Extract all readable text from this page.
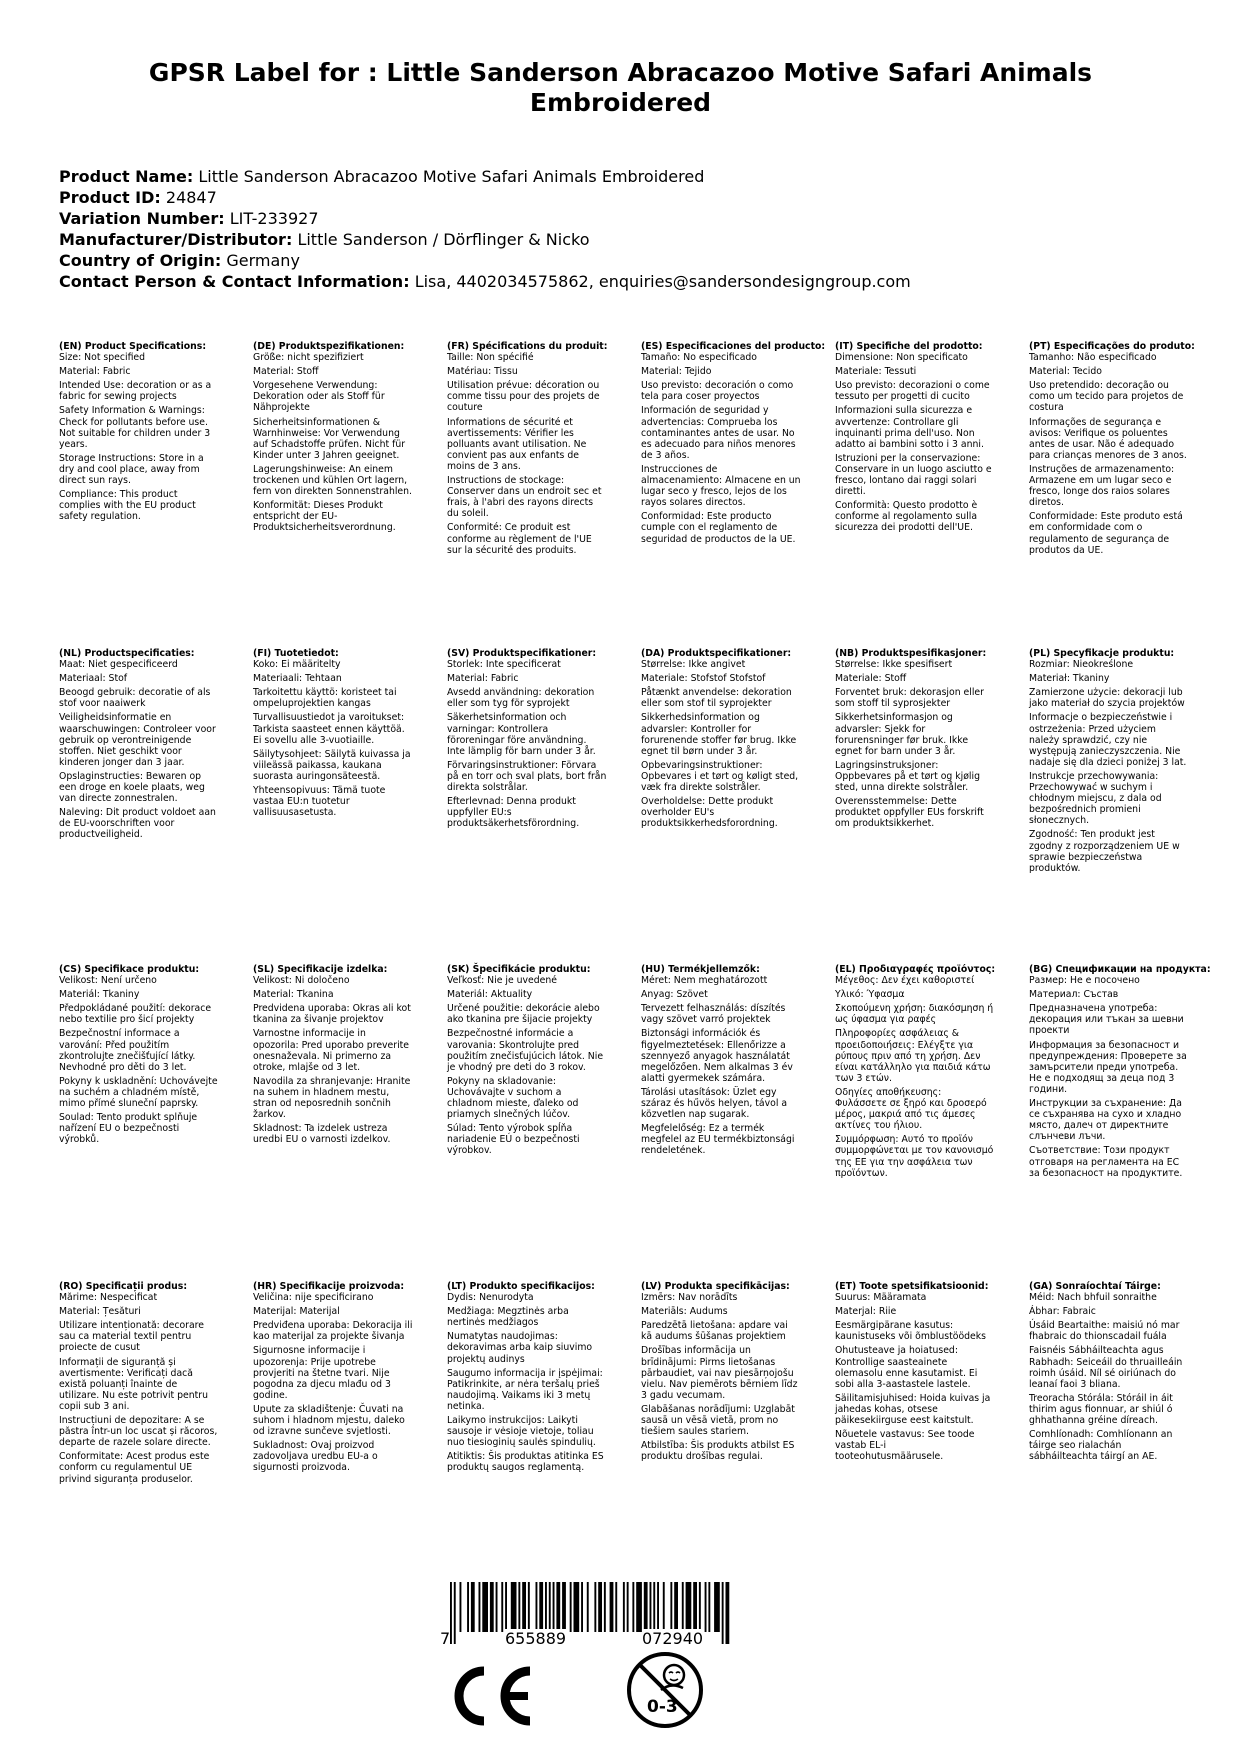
GPSR Label for : Little Sanderson Abracazoo Motive Safari Animals Embroidered
Product Name: Little Sanderson Abracazoo Motive Safari Animals Embroidered
Product ID: 24847
Variation Number: LIT-233927
Manufacturer/Distributor: Little Sanderson / Dörflinger & Nicko
Country of Origin: Germany
Contact Person & Contact Information: Lisa, 4402034575862, enquiries@sandersondesigngroup.com
(EN) Product Specifications:
Size: Not specified
Material: Fabric
Intended Use: decoration or as a fabric for sewing projects
Safety Information & Warnings: Check for pollutants before use. Not suitable for children under 3 years.
Storage Instructions: Store in a dry and cool place, away from direct sun rays.
Compliance: This product complies with the EU product safety regulation.
(DE) Produktspezifikationen:
Größe: nicht spezifiziert
Material: Stoff
Vorgesehene Verwendung: Dekoration oder als Stoff für Nähprojekte
Sicherheitsinformationen & Warnhinweise: Vor Verwendung auf Schadstoffe prüfen. Nicht für Kinder unter 3 Jahren geeignet.
Lagerungshinweise: An einem trockenen und kühlen Ort lagern, fern von direkten Sonnenstrahlen.
Konformität: Dieses Produkt entspricht der EU-Produktsicherheitsverordnung.
(FR) Spécifications du produit:
Taille: Non spécifié
Matériau: Tissu
Utilisation prévue: décoration ou comme tissu pour des projets de couture
Informations de sécurité et avertissements: Vérifier les polluants avant utilisation. Ne convient pas aux enfants de moins de 3 ans.
Instructions de stockage: Conserver dans un endroit sec et frais, à l'abri des rayons directs du soleil.
Conformité: Ce produit est conforme au règlement de l'UE sur la sécurité des produits.
(ES) Especificaciones del producto:
Tamaño: No especificado
Material: Tejido
Uso previsto: decoración o como tela para coser proyectos
Información de seguridad y advertencias: Comprueba los contaminantes antes de usar. No es adecuado para niños menores de 3 años.
Instrucciones de almacenamiento: Almacene en un lugar seco y fresco, lejos de los rayos solares directos.
Conformidad: Este producto cumple con el reglamento de seguridad de productos de la UE.
(IT) Specifiche del prodotto:
Dimensione: Non specificato
Materiale: Tessuti
Uso previsto: decorazioni o come tessuto per progetti di cucito
Informazioni sulla sicurezza e avvertenze: Controllare gli inquinanti prima dell'uso. Non adatto ai bambini sotto i 3 anni.
Istruzioni per la conservazione: Conservare in un luogo asciutto e fresco, lontano dai raggi solari diretti.
Conformità: Questo prodotto è conforme al regolamento sulla sicurezza dei prodotti dell'UE.
(PT) Especificações do produto:
Tamanho: Não especificado
Material: Tecido
Uso pretendido: decoração ou como um tecido para projetos de costura
Informações de segurança e avisos: Verifique os poluentes antes de usar. Não é adequado para crianças menores de 3 anos.
Instruções de armazenamento: Armazene em um lugar seco e fresco, longe dos raios solares diretos.
Conformidade: Este produto está em conformidade com o regulamento de segurança de produtos da UE.
(NL) Productspecificaties:
Maat: Niet gespecificeerd
Materiaal: Stof
Beoogd gebruik: decoratie of als stof voor naaiwerk
Veiligheidsinformatie en waarschuwingen: Controleer voor gebruik op verontreinigende stoffen. Niet geschikt voor kinderen jonger dan 3 jaar.
Opslaginstructies: Bewaren op een droge en koele plaats, weg van directe zonnestralen.
Naleving: Dit product voldoet aan de EU-voorschriften voor productveiligheid.
(FI) Tuotetiedot:
Koko: Ei määritelty
Materiaali: Tehtaan
Tarkoitettu käyttö: koristeet tai ompeluprojektien kangas
Turvallisuustiedot ja varoitukset: Tarkista saasteet ennen käyttöä. Ei sovellu alle 3-vuotiaille.
Säilytysohjeet: Säilytä kuivassa ja viileässä paikassa, kaukana suorasta auringonsäteestä.
Yhteensopivuus: Tämä tuote vastaa EU:n tuotetur vallisuusasetusta.
(SV) Produktspecifikationer:
Storlek: Inte specificerat
Material: Fabric
Avsedd användning: dekoration eller som tyg för syprojekt
Säkerhetsinformation och varningar: Kontrollera föroreningar före användning. Inte lämplig för barn under 3 år.
Förvaringsinstruktioner: Förvara på en torr och sval plats, bort från direkta solstrålar.
Efterlevnad: Denna produkt uppfyller EU:s produktsäkerhetsförordning.
(DA) Produktspecifikationer:
Størrelse: Ikke angivet
Materiale: Stofstof Stofstof
Påtænkt anvendelse: dekoration eller som stof til syprojekter
Sikkerhedsinformation og advarsler: Kontroller for forurenende stoffer før brug. Ikke egnet til børn under 3 år.
Opbevaringsinstruktioner: Opbevares i et tørt og køligt sted, væk fra direkte solstråler.
Overholdelse: Dette produkt overholder EU's produktsikkerhedsforordning.
(NB) Produktspesifikasjoner:
Størrelse: Ikke spesifisert
Materiale: Stoff
Forventet bruk: dekorasjon eller som stoff til syprosjekter
Sikkerhetsinformasjon og advarsler: Sjekk for forurensninger før bruk. Ikke egnet for barn under 3 år.
Lagringsinstruksjoner: Oppbevares på et tørt og kjølig sted, unna direkte solstråler.
Overensstemmelse: Dette produktet oppfyller EUs forskrift om produktsikkerhet.
(PL) Specyfikacje produktu:
Rozmiar: Nieokreślone
Materiał: Tkaniny
Zamierzone użycie: dekoracji lub jako materiał do szycia projektów
Informacje o bezpieczeństwie i ostrzeżenia: Przed użyciem należy sprawdzić, czy nie występują zanieczyszczenia. Nie nadaje się dla dzieci poniżej 3 lat.
Instrukcje przechowywania: Przechowywać w suchym i chłodnym miejscu, z dala od bezpośrednich promieni słonecznych.
Zgodność: Ten produkt jest zgodny z rozporządzeniem UE w sprawie bezpieczeństwa produktów.
(CS) Specifikace produktu:
Velikost: Není určeno
Materiál: Tkaniny
Předpokládané použití: dekorace nebo textilie pro šicí projekty
Bezpečnostní informace a varování: Před použitím zkontrolujte znečišťující látky. Nevhodné pro děti do 3 let.
Pokyny k uskladnění: Uchovávejte na suchém a chladném místě, mimo přímé sluneční paprsky.
Soulad: Tento produkt splňuje nařízení EU o bezpečnosti výrobků.
(SL) Specifikacije izdelka:
Velikost: Ni določeno
Material: Tkanina
Predvidena uporaba: Okras ali kot tkanina za šivanje projektov
Varnostne informacije in opozorila: Pred uporabo preverite onesnaževala. Ni primerno za otroke, mlajše od 3 let.
Navodila za shranjevanje: Hranite na suhem in hladnem mestu, stran od neposrednih sončnih žarkov.
Skladnost: Ta izdelek ustreza uredbi EU o varnosti izdelkov.
(SK) Špecifikácie produktu:
Veľkosť: Nie je uvedené
Materiál: Aktuality
Určené použitie: dekorácie alebo ako tkanina pre šijacie projekty
Bezpečnostné informácie a varovania: Skontrolujte pred použitím znečisťujúcich látok. Nie je vhodný pre deti do 3 rokov.
Pokyny na skladovanie: Uchovávajte v suchom a chladnom mieste, ďaleko od priamych slnečných lúčov.
Súlad: Tento výrobok spĺňa nariadenie EÚ o bezpečnosti výrobkov.
(HU) Termékjellemzők:
Méret: Nem meghatározott
Anyag: Szövet
Tervezett felhasználás: díszítés vagy szövet varró projektek
Biztonsági információk és figyelmeztetések: Ellenőrizze a szennyező anyagok használatát megelőzően. Nem alkalmas 3 év alatti gyermekek számára.
Tárolási utasítások: Üzlet egy száraz és hűvös helyen, távol a közvetlen nap sugarak.
Megfelelőség: Ez a termék megfelel az EU termékbiztonsági rendeletének.
(EL) Προδιαγραφές προϊόντος:
Μέγεθος: Δεν έχει καθοριστεί
Υλικό: Ύφασμα
Σκοπούμενη χρήση: διακόσμηση ή ως ύφασμα για ραφές
Πληροφορίες ασφάλειας & προειδοποιήσεις: Ελέγξτε για ρύπους πριν από τη χρήση. Δεν είναι κατάλληλο για παιδιά κάτω των 3 ετών.
Οδηγίες αποθήκευσης: Φυλάσσετε σε ξηρό και δροσερό μέρος, μακριά από τις άμεσες ακτίνες του ήλιου.
Συμμόρφωση: Αυτό το προϊόν συμμορφώνεται με τον κανονισμό της ΕΕ για την ασφάλεια των προϊόντων.
(BG) Спецификации на продукта:
Размер: Не е посочено
Материал: Състав
Предназначена употреба: декорация или тъкан за шевни проекти
Информация за безопасност и предупреждения: Проверете за замърсители преди употреба. Не е подходящ за деца под 3 години.
Инструкции за съхранение: Да се съхранява на сухо и хладно място, далеч от директните слънчеви лъчи.
Съответствие: Този продукт отговаря на регламента на ЕС за безопасност на продуктите.
(RO) Specificații produs:
Mărime: Nespecificat
Material: Țesături
Utilizare intenționată: decorare sau ca material textil pentru proiecte de cusut
Informații de siguranță și avertismente: Verificați dacă există poluanți înainte de utilizare. Nu este potrivit pentru copii sub 3 ani.
Instrucțiuni de depozitare: A se păstra într-un loc uscat și răcoros, departe de razele solare directe.
Conformitate: Acest produs este conform cu regulamentul UE privind siguranța produselor.
(HR) Specifikacije proizvoda:
Veličina: nije specificirano
Materijal: Materijal
Predviđena uporaba: Dekoracija ili kao materijal za projekte šivanja
Sigurnosne informacije i upozorenja: Prije upotrebe provjeriti na štetne tvari. Nije pogodna za djecu mlađu od 3 godine.
Upute za skladištenje: Čuvati na suhom i hladnom mjestu, daleko od izravne sunčeve svjetlosti.
Sukladnost: Ovaj proizvod zadovoljava uredbu EU-a o sigurnosti proizvoda.
(LT) Produkto specifikacijos:
Dydis: Nenurodyta
Medžiaga: Megztinės arba nertinės medžiagos
Numatytas naudojimas: dekoravimas arba kaip siuvimo projektų audinys
Saugumo informacija ir įspėjimai: Patikrinkite, ar nėra teršalų prieš naudojimą. Vaikams iki 3 metų netinka.
Laikymo instrukcijos: Laikyti sausoje ir vėsioje vietoje, toliau nuo tiesioginių saulės spindulių.
Atitiktis: Šis produktas atitinka ES produktų saugos reglamentą.
(LV) Produkta specifikācijas:
Izmērs: Nav norādīts
Materiāls: Audums
Paredzētā lietošana: apdare vai kā audums šūšanas projektiem
Drošības informācija un brīdinājumi: Pirms lietošanas pārbaudiet, vai nav piesārņojošu vielu. Nav piemērots bērniem līdz 3 gadu vecumam.
Glabāšanas norādījumi: Uzglabāt sausā un vēsā vietā, prom no tiešiem saules stariem.
Atbilstība: Šis produkts atbilst ES produktu drošības regulai.
(ET) Toote spetsifikatsioonid:
Suurus: Määramata
Materjal: Riie
Eesmärgipärane kasutus: kaunistuseks või õmblustöödeks
Ohutusteave ja hoiatused: Kontrollige saasteainete olemasolu enne kasutamist. Ei sobi alla 3-aastastele lastele.
Säilitamisjuhised: Hoida kuivas ja jahedas kohas, otsese päikesekiirguse eest kaitstult.
Nõuetele vastavus: See toode vastab EL-i tooteohutusmäärusele.
(GA) Sonraíochtaí Táirge:
Méid: Nach bhfuil sonraithe
Ábhar: Fabraic
Úsáid Beartaithe: maisiú nó mar fhabraic do thionscadail fuála
Faisnéis Sábháilteachta agus Rabhadh: Seiceáil do thruailleáin roimh úsáid. Níl sé oiriúnach do leanaí faoi 3 bliana.
Treoracha Stórála: Stóráil in áit thirim agus fionnuar, ar shiúl ó ghhathanna gréine díreach.
Comhlíonadh: Comhlíonann an táirge seo rialachán sábháilteachta táirgí an AE.
7	655889	072940
CE
0-3
